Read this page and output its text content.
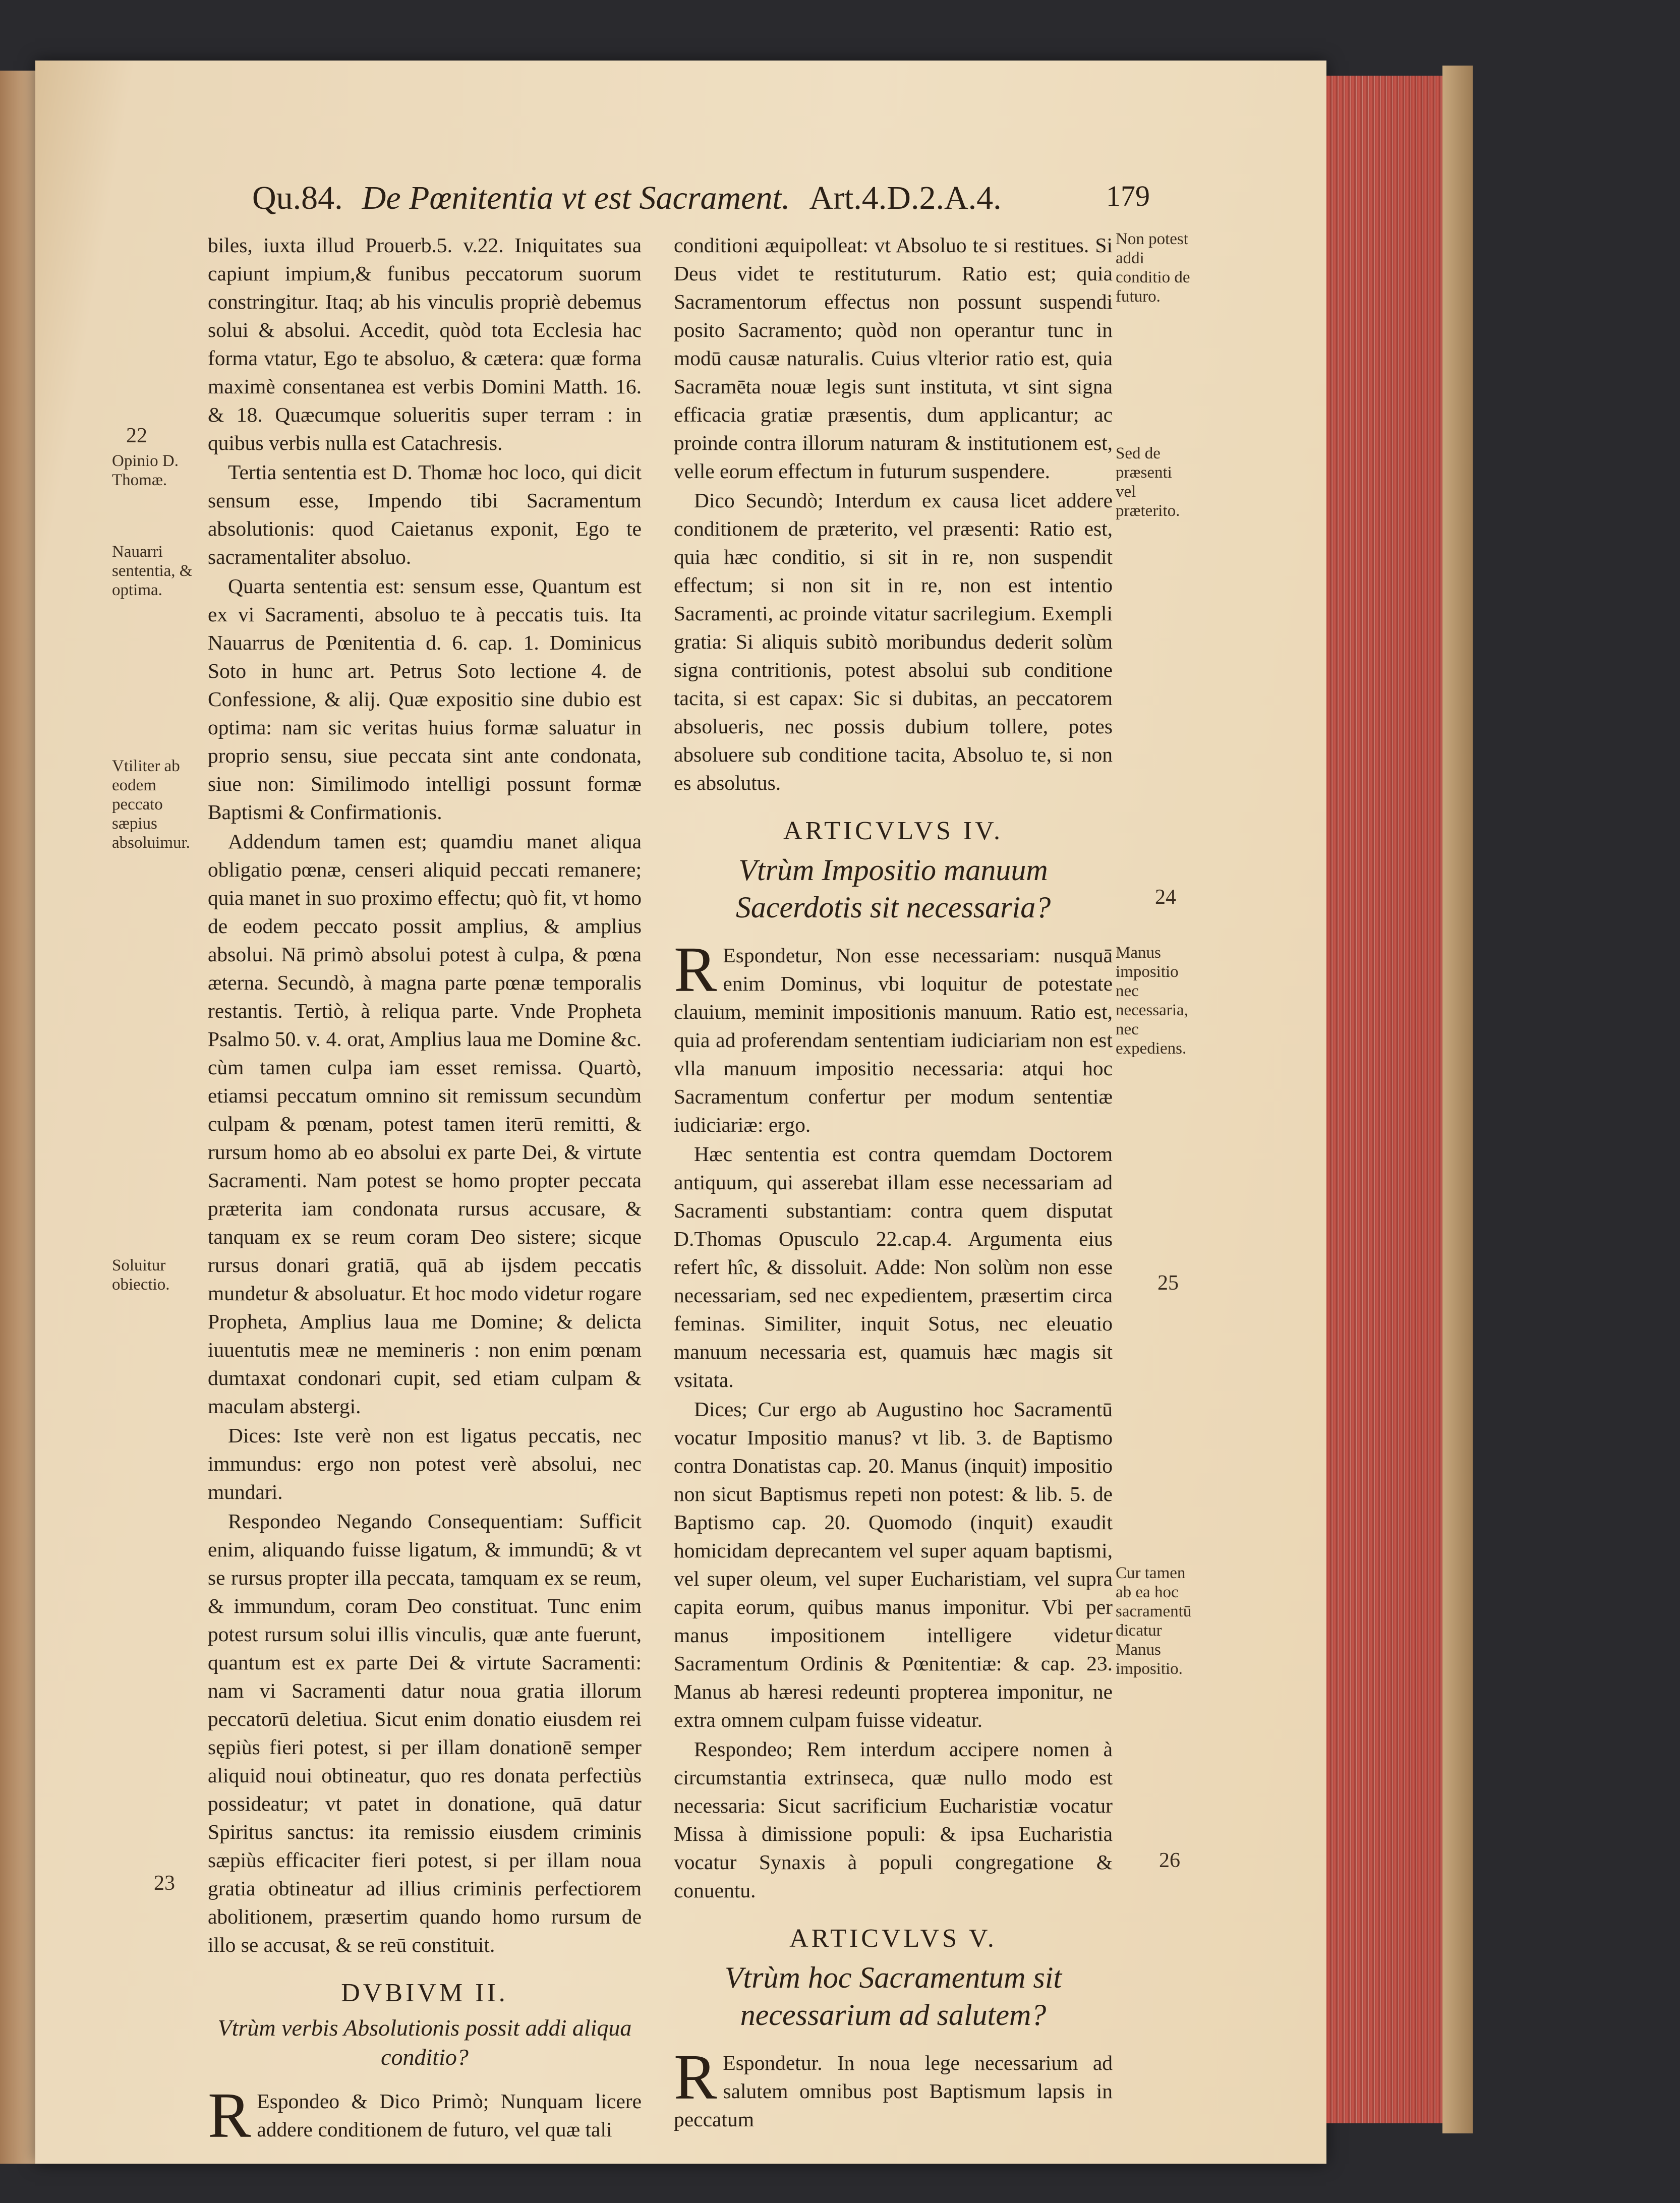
Qu.84. De Pœnitentia vt est Sacrament. Art.4.D.2.A.4.	179

biles, iuxta illud Prouerb.5. v.22. Iniquitates sua capiunt impium,& funibus peccatorum suorum constringitur. Itaq; ab his vinculis propriè debemus solui & absolui. Accedit, quòd tota Ecclesia hac forma vtatur, Ego te absoluo, & cætera: quæ forma maximè consentanea est verbis Domini Matth. 16. & 18. Quæcumque solueritis super terram : in quibus verbis nulla est Catachresis.

Tertia sententia est D. Thomæ hoc loco, qui dicit sensum esse, Impendo tibi Sacramentum absolutionis: quod Caietanus exponit, Ego te sacramentaliter absoluo.

Quarta sententia est: sensum esse, Quantum est ex vi Sacramenti, absoluo te à peccatis tuis. Ita Nauarrus de Pœnitentia d. 6. cap. 1. Dominicus Soto in hunc art. Petrus Soto lectione 4. de Confessione, & alij. Quæ expositio sine dubio est optima: nam sic veritas huius formæ saluatur in proprio sensu, siue peccata sint ante condonata, siue non: Similimodo intelligi possunt formæ Baptismi & Confirmationis.

Addendum tamen est; quamdiu manet aliqua obligatio pœnæ, censeri aliquid peccati remanere; quia manet in suo proximo effectu; quò fit, vt homo de eodem peccato possit amplius, & amplius absolui. Nā primò absolui potest à culpa, & pœna æterna. Secundò, à magna parte pœnæ temporalis restantis. Tertiò, à reliqua parte. Vnde Propheta Psalmo 50. v. 4. orat, Amplius laua me Domine &c. cùm tamen culpa iam esset remissa. Quartò, etiamsi peccatum omnino sit remissum secundùm culpam & pœnam, potest tamen iterū remitti, & rursum homo ab eo absolui ex parte Dei, & virtute Sacramenti. Nam potest se homo propter peccata præterita iam condonata rursus accusare, & tanquam ex se reum coram Deo sistere; sicque rursus donari gratiā, quā ab ijsdem peccatis mundetur & absoluatur. Et hoc modo videtur rogare Propheta, Amplius laua me Domine; & delicta iuuentutis meæ ne memineris : non enim pœnam dumtaxat condonari cupit, sed etiam culpam & maculam abstergi.

Dices: Iste verè non est ligatus peccatis, nec immundus: ergo non potest verè absolui, nec mundari.

Respondeo Negando Consequentiam: Sufficit enim, aliquando fuisse ligatum, & immundū; & vt se rursus propter illa peccata, tamquam ex se reum, & immundum, coram Deo constituat. Tunc enim potest rursum solui illis vinculis, quæ ante fuerunt, quantum est ex parte Dei & virtute Sacramenti: nam vi Sacramenti datur noua gratia illorum peccatorū deletiua. Sicut enim donatio eiusdem rei sępiùs fieri potest, si per illam donationē semper aliquid noui obtineatur, quo res donata perfectiùs possideatur; vt patet in donatione, quā datur Spiritus sanctus: ita remissio eiusdem criminis sæpiùs efficaciter fieri potest, si per illam noua gratia obtineatur ad illius criminis perfectiorem abolitionem, præsertim quando homo rursum de illo se accusat, & se reū constituit.

DVBIVM II.
Vtrùm verbis Absolutionis possit addi aliqua conditio?

R Espondeo & Dico Primò; Nunquam licere addere conditionem de futuro, vel quæ tali

conditioni æquipolleat: vt Absoluo te si restitues. Si Deus videt te restituturum. Ratio est; quia Sacramentorum effectus non possunt suspendi posito Sacramento; quòd non operantur tunc in modū causæ naturalis. Cuius vlterior ratio est, quia Sacramēta nouæ legis sunt instituta, vt sint signa efficacia gratiæ præsentis, dum applicantur; ac proinde contra illorum naturam & institutionem est, velle eorum effectum in futurum suspendere.

Dico Secundò; Interdum ex causa licet addere conditionem de præterito, vel præsenti: Ratio est, quia hæc conditio, si sit in re, non suspendit effectum; si non sit in re, non est intentio Sacramenti, ac proinde vitatur sacrilegium. Exempli gratia: Si aliquis subitò moribundus dederit solùm signa contritionis, potest absolui sub conditione tacita, si est capax: Sic si dubitas, an peccatorem absolueris, nec possis dubium tollere, potes absoluere sub conditione tacita, Absoluo te, si non es absolutus.

ARTICVLVS IV.
Vtrùm Impositio manuum Sacerdotis sit necessaria?

R Espondetur, Non esse necessariam: nusquā enim Dominus, vbi loquitur de potestate clauium, meminit impositionis manuum. Ratio est, quia ad proferendam sententiam iudiciariam non est vlla manuum impositio necessaria: atqui hoc Sacramentum confertur per modum sententiæ iudiciariæ: ergo.

Hæc sententia est contra quemdam Doctorem antiquum, qui asserebat illam esse necessariam ad Sacramenti substantiam: contra quem disputat D.Thomas Opusculo 22.cap.4. Argumenta eius refert hîc, & dissoluit. Adde: Non solùm non esse necessariam, sed nec expedientem, præsertim circa feminas. Similiter, inquit Sotus, nec eleuatio manuum necessaria est, quamuis hæc magis sit vsitata.

Dices; Cur ergo ab Augustino hoc Sacramentū vocatur Impositio manus? vt lib. 3. de Baptismo contra Donatistas cap. 20. Manus (inquit) impositio non sicut Baptismus repeti non potest: & lib. 5. de Baptismo cap. 20. Quomodo (inquit) exaudit homicidam deprecantem vel super aquam baptismi, vel super oleum, vel super Eucharistiam, vel supra capita eorum, quibus manus imponitur. Vbi per manus impositionem intelligere videtur Sacramentum Ordinis & Pœnitentiæ: & cap. 23. Manus ab hæresi redeunti propterea imponitur, ne extra omnem culpam fuisse videatur.

Respondeo; Rem interdum accipere nomen à circumstantia extrinseca, quæ nullo modo est necessaria: Sicut sacrificium Eucharistiæ vocatur Missa à dimissione populi: & ipsa Eucharistia vocatur Synaxis à populi congregatione & conuentu.

ARTICVLVS V.
Vtrùm hoc Sacramentum sit necessarium ad salutem?

R Espondetur. In noua lege necessarium ad salutem omnibus post Baptismum lapsis in peccatum

22
Opinio D. Thomæ.
Nauarri sententia, & optima.
Vtiliter ab eodem peccato sæpius absoluimur.
Soluitur obiectio.
23
Non potest addi conditio de futuro.
Sed de præsenti vel præterito.
24
Manus impositio nec necessaria, nec expediens.
25
Cur tamen ab ea hoc sacramentū dicatur Manus impositio.
26
